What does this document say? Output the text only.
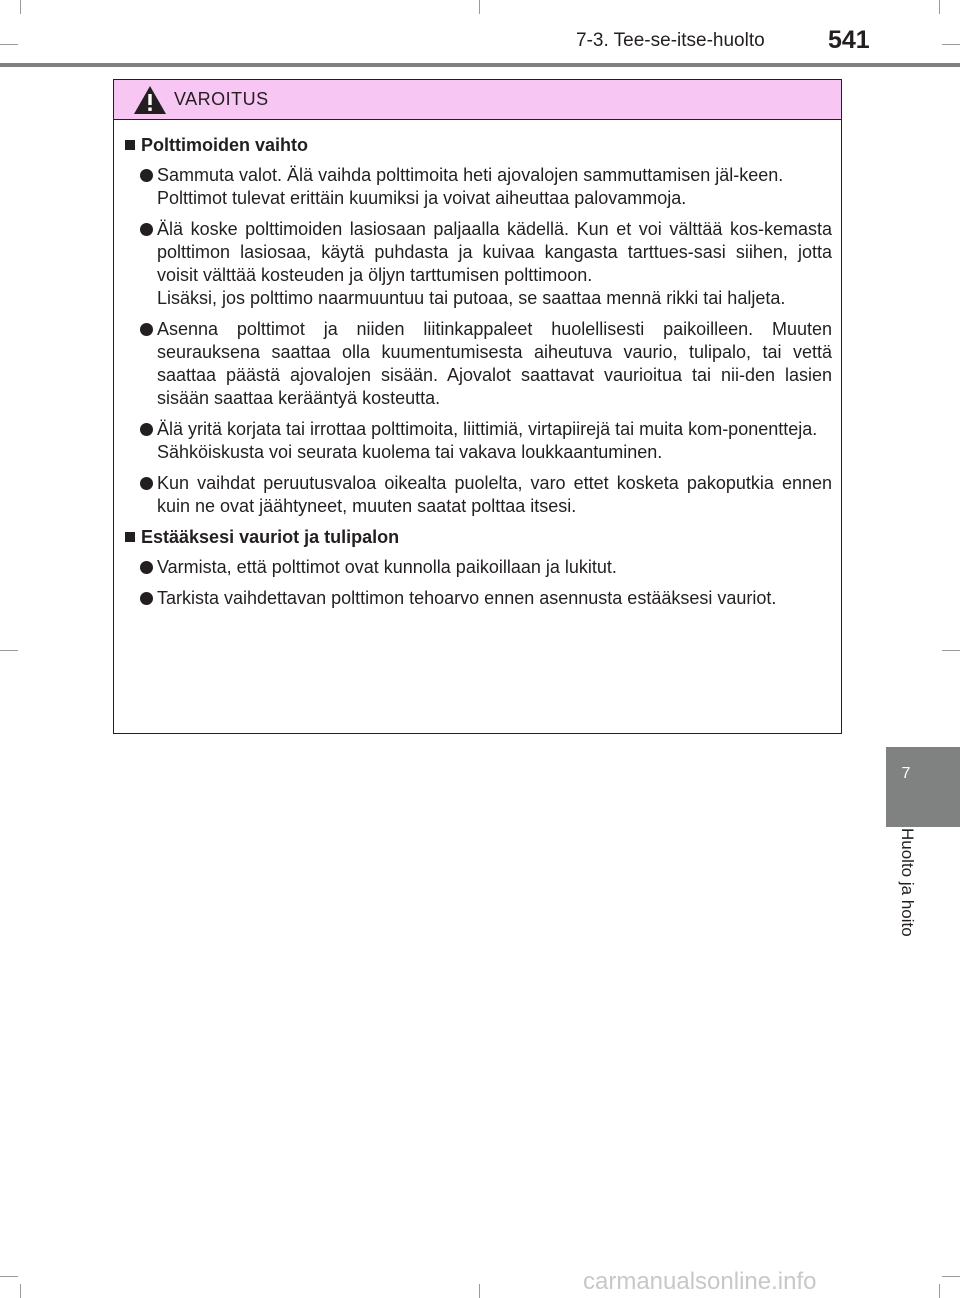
7-3. Tee-se-itse-huolto	541
7
Huolto ja hoito
VAROITUS
Polttimoiden vaihto

Sammuta valot. Älä vaihda polttimoita heti ajovalojen sammuttamisen jäl-keen.

Polttimot tulevat erittäin kuumiksi ja voivat aiheuttaa palovammoja.

Älä koske polttimoiden lasiosaan paljaalla kädellä. Kun et voi välttää kos-kemasta polttimon lasiosaa, käytä puhdasta ja kuivaa kangasta tarttues-sasi siihen, jotta voisit välttää kosteuden ja öljyn tarttumisen polttimoon.

Lisäksi, jos polttimo naarmuuntuu tai putoaa, se saattaa mennä rikki tai haljeta.

Asenna polttimot ja niiden liitinkappaleet huolellisesti paikoilleen. Muuten seurauksena saattaa olla kuumentumisesta aiheutuva vaurio, tulipalo, tai vettä saattaa päästä ajovalojen sisään. Ajovalot saattavat vaurioitua tai nii-den lasien sisään saattaa kerääntyä kosteutta.

Älä yritä korjata tai irrottaa polttimoita, liittimiä, virtapiirejä tai muita kom-ponentteja.

Sähköiskusta voi seurata kuolema tai vakava loukkaantuminen.

Kun vaihdat peruutusvaloa oikealta puolelta, varo ettet kosketa pakoputkia ennen kuin ne ovat jäähtyneet, muuten saatat polttaa itsesi.

Estääksesi vauriot ja tulipalon

Varmista, että polttimot ovat kunnolla paikoillaan ja lukitut.

Tarkista vaihdettavan polttimon tehoarvo ennen asennusta estääksesi vauriot.

carmanualsonline.info
